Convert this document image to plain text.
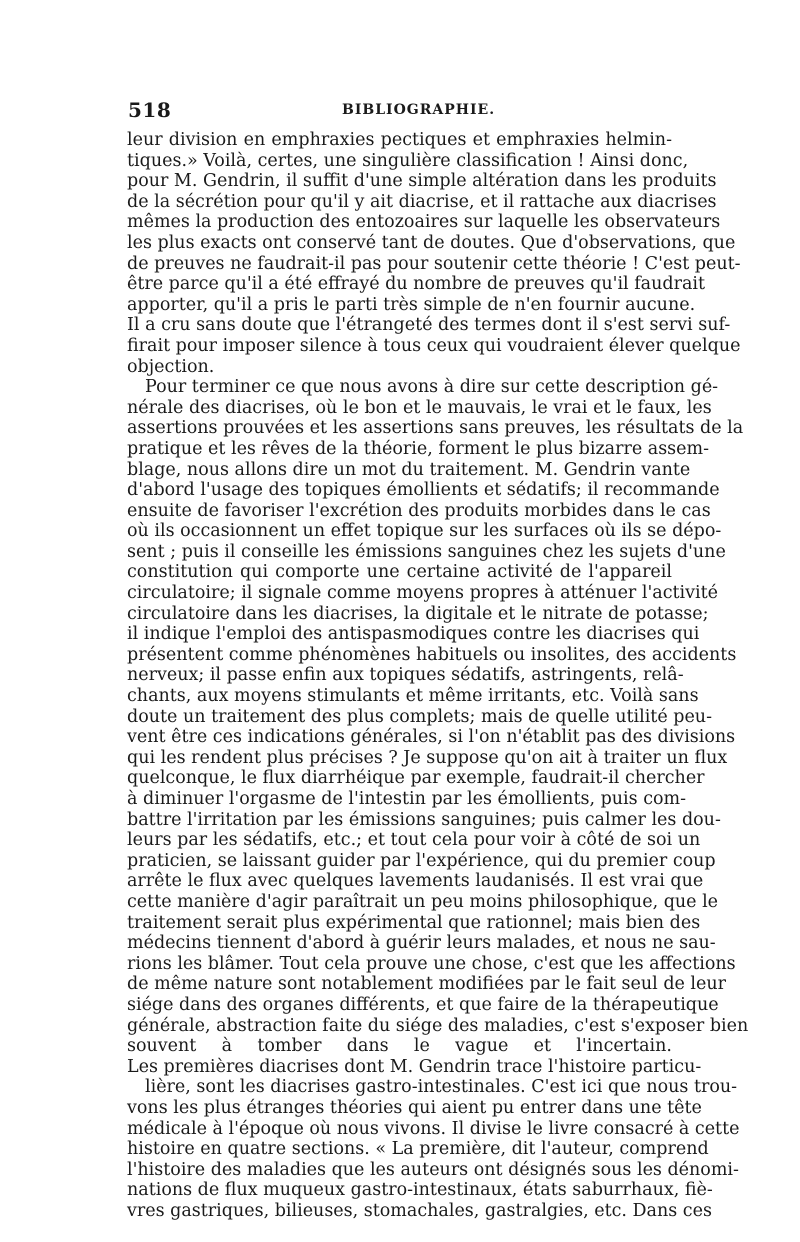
518	BIBLIOGRAPHIE.
leur division en emphraxies pectiques et emphraxies helmin-
tiques.» Voilà, certes, une singulière classification ! Ainsi donc,
pour M. Gendrin, il suffit d'une simple altération dans les produits
de la sécrétion pour qu'il y ait diacrise, et il rattache aux diacrises
mêmes la production des entozoaires sur laquelle les observateurs
les plus exacts ont conservé tant de doutes. Que d'observations, que
de preuves ne faudrait-il pas pour soutenir cette théorie ! C'est peut-
être parce qu'il a été effrayé du nombre de preuves qu'il faudrait
apporter, qu'il a pris le parti très simple de n'en fournir aucune.
Il a cru sans doute que l'étrangeté des termes dont il s'est servi suf-
firait pour imposer silence à tous ceux qui voudraient élever quelque
objection.
Pour terminer ce que nous avons à dire sur cette description gé-
nérale des diacrises, où le bon et le mauvais, le vrai et le faux, les
assertions prouvées et les assertions sans preuves, les résultats de la
pratique et les rêves de la théorie, forment le plus bizarre assem-
blage, nous allons dire un mot du traitement. M. Gendrin vante
d'abord l'usage des topiques émollients et sédatifs; il recommande
ensuite de favoriser l'excrétion des produits morbides dans le cas
où ils occasionnent un effet topique sur les surfaces où ils se dépo-
sent ; puis il conseille les émissions sanguines chez les sujets d'une
constitution qui comporte une certaine activité de l'appareil
circulatoire; il signale comme moyens propres à atténuer l'activité
circulatoire dans les diacrises, la digitale et le nitrate de potasse;
il indique l'emploi des antispasmodiques contre les diacrises qui
présentent comme phénomènes habituels ou insolites, des accidents
nerveux; il passe enfin aux topiques sédatifs, astringents, relâ-
chants, aux moyens stimulants et même irritants, etc. Voilà sans
doute un traitement des plus complets; mais de quelle utilité peu-
vent être ces indications générales, si l'on n'établit pas des divisions
qui les rendent plus précises ? Je suppose qu'on ait à traiter un flux
quelconque, le flux diarrhéique par exemple, faudrait-il chercher
à diminuer l'orgasme de l'intestin par les émollients, puis com-
battre l'irritation par les émissions sanguines; puis calmer les dou-
leurs par les sédatifs, etc.; et tout cela pour voir à côté de soi un
praticien, se laissant guider par l'expérience, qui du premier coup
arrête le flux avec quelques lavements laudanisés. Il est vrai que
cette manière d'agir paraîtrait un peu moins philosophique, que le
traitement serait plus expérimental que rationnel; mais bien des
médecins tiennent d'abord à guérir leurs malades, et nous ne sau-
rions les blâmer. Tout cela prouve une chose, c'est que les affections
de même nature sont notablement modifiées par le fait seul de leur
siége dans des organes différents, et que faire de la thérapeutique
générale, abstraction faite du siége des maladies, c'est s'exposer bien
souvent à tomber dans le vague et l'incertain.
Les premières diacrises dont M. Gendrin trace l'histoire particu-
lière, sont les diacrises gastro-intestinales. C'est ici que nous trou-
vons les plus étranges théories qui aient pu entrer dans une tête
médicale à l'époque où nous vivons. Il divise le livre consacré à cette
histoire en quatre sections. « La première, dit l'auteur, comprend
l'histoire des maladies que les auteurs ont désignés sous les dénomi-
nations de flux muqueux gastro-intestinaux, états saburrhaux, fiè-
vres gastriques, bilieuses, stomachales, gastralgies, etc. Dans ces
